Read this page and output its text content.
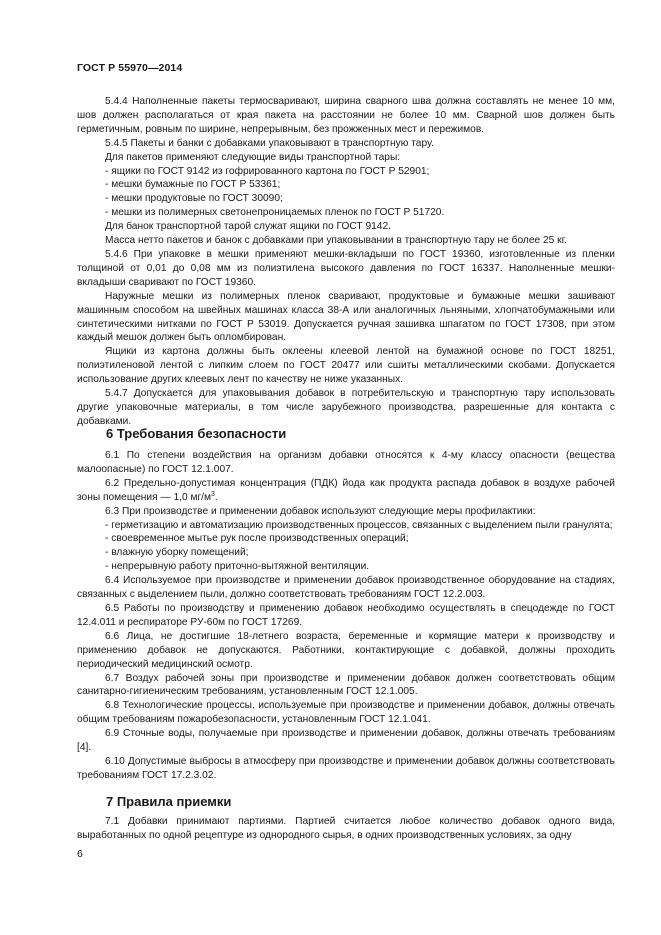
ГОСТ Р 55970—2014

5.4.4 Наполненные пакеты термосваривают, ширина сварного шва должна составлять не менее 10 мм, шов должен располагаться от края пакета на расстоянии не более 10 мм. Сварной шов должен быть герметичным, ровным по ширине, непрерывным, без прожженных мест и пережимов.

5.4.5 Пакеты и банки с добавками упаковывают в транспортную тару.

Для пакетов применяют следующие виды транспортной тары:

- ящики по ГОСТ 9142 из гофрированного картона по ГОСТ Р 52901;

- мешки бумажные по ГОСТ Р 53361;

- мешки продуктовые по ГОСТ 30090;

- мешки из полимерных светонепроницаемых пленок по ГОСТ Р 51720.

Для банок транспортной тарой служат ящики по ГОСТ 9142.

Масса нетто пакетов и банок с добавками при упаковывании в транспортную тару не более 25 кг.

5.4.6 При упаковке в мешки применяют мешки-вкладыши по ГОСТ 19360, изготовленные из пленки толщиной от 0,01 до 0,08 мм из полиэтилена высокого давления по ГОСТ 16337. Наполненные мешки-вкладыши сваривают по ГОСТ 19360.

Наружные мешки из полимерных пленок сваривают, продуктовые и бумажные мешки зашивают машинным способом на швейных машинах класса 38-А или аналогичных льняными, хлопчатобумажными или синтетическими нитками по ГОСТ Р 53019. Допускается ручная зашивка шпагатом по ГОСТ 17308, при этом каждый мешок должен быть опломбирован.

Ящики из картона должны быть оклеены клеевой лентой на бумажной основе по ГОСТ 18251, полиэтиленовой лентой с липким слоем по ГОСТ 20477 или сшиты металлическими скобами. Допускается использование других клеевых лент по качеству не ниже указанных.

5.4.7 Допускается для упаковывания добавок в потребительскую и транспортную тару использовать другие упаковочные материалы, в том числе зарубежного производства, разрешенные для контакта с добавками.

6 Требования безопасности

6.1 По степени воздействия на организм добавки относятся к 4-му классу опасности (вещества малоопасные) по ГОСТ 12.1.007.

6.2 Предельно-допустимая концентрация (ПДК) йода как продукта распада добавок в воздухе рабочей зоны помещения — 1,0 $мг/м^3$.

6.3 При производстве и применении добавок используют следующие меры профилактики:

- герметизацию и автоматизацию производственных процессов, связанных с выделением пыли гранулята;

- своевременное мытье рук после производственных операций;

- влажную уборку помещений;

- непрерывную работу приточно-вытяжной вентиляции.

6.4 Используемое при производстве и применении добавок производственное оборудование на стадиях, связанных с выделением пыли, должно соответствовать требованиям ГОСТ 12.2.003.

6.5 Работы по производству и применению добавок необходимо осуществлять в спецодежде по ГОСТ 12.4.011 и респираторе РУ-60м по ГОСТ 17269.

6.6 Лица, не достигшие 18-летнего возраста, беременные и кормящие матери к производству и применению добавок не допускаются. Работники, контактирующие с добавкой, должны проходить периодический медицинский осмотр.

6.7 Воздух рабочей зоны при производстве и применении добавок должен соответствовать общим санитарно-гигиеническим требованиям, установленным ГОСТ 12.1.005.

6.8 Технологические процессы, используемые при производстве и применении добавок, должны отвечать общим требованиям пожаробезопасности, установленным ГОСТ 12.1.041.

6.9 Сточные воды, получаемые при производстве и применении добавок, должны отвечать требованиям [4].

6.10 Допустимые выбросы в атмосферу при производстве и применении добавок должны соответствовать требованиям ГОСТ 17.2.3.02.

7 Правила приемки

7.1 Добавки принимают партиями. Партией считается любое количество добавок одного вида, выработанных по одной рецептуре из однородного сырья, в одних производственных условиях, за одну

6
